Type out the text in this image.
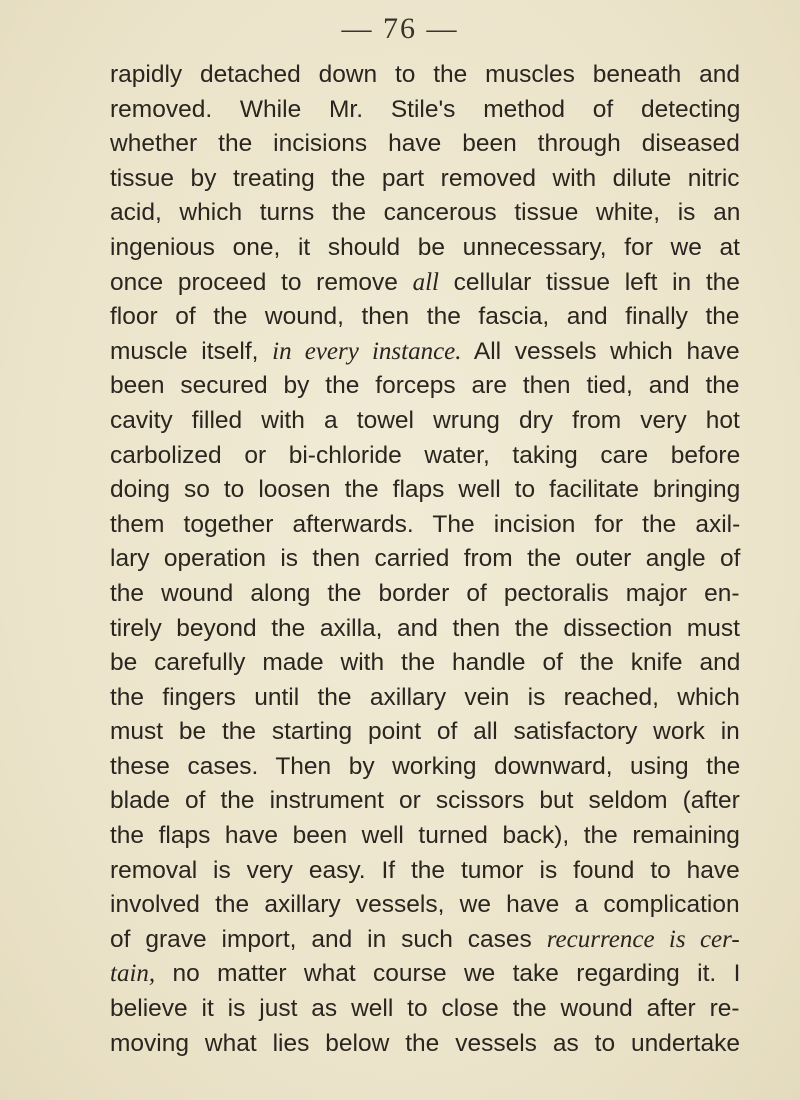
— 76 —
rapidly detached down to the muscles beneath and
removed. While Mr. Stile's method of detecting
whether the incisions have been through diseased
tissue by treating the part removed with dilute nitric
acid, which turns the cancerous tissue white, is an
ingenious one, it should be unnecessary, for we at
once proceed to remove all cellular tissue left in the
floor of the wound, then the fascia, and finally the
muscle itself, in every instance. All vessels which have
been secured by the forceps are then tied, and the
cavity filled with a towel wrung dry from very hot
carbolized or bi-chloride water, taking care before
doing so to loosen the flaps well to facilitate bringing
them together afterwards. The incision for the axil-
lary operation is then carried from the outer angle of
the wound along the border of pectoralis major en-
tirely beyond the axilla, and then the dissection must
be carefully made with the handle of the knife and
the fingers until the axillary vein is reached, which
must be the starting point of all satisfactory work in
these cases. Then by working downward, using the
blade of the instrument or scissors but seldom (after
the flaps have been well turned back), the remaining
removal is very easy. If the tumor is found to have
involved the axillary vessels, we have a complication
of grave import, and in such cases recurrence is cer-
tain, no matter what course we take regarding it. I
believe it is just as well to close the wound after re-
moving what lies below the vessels as to undertake
